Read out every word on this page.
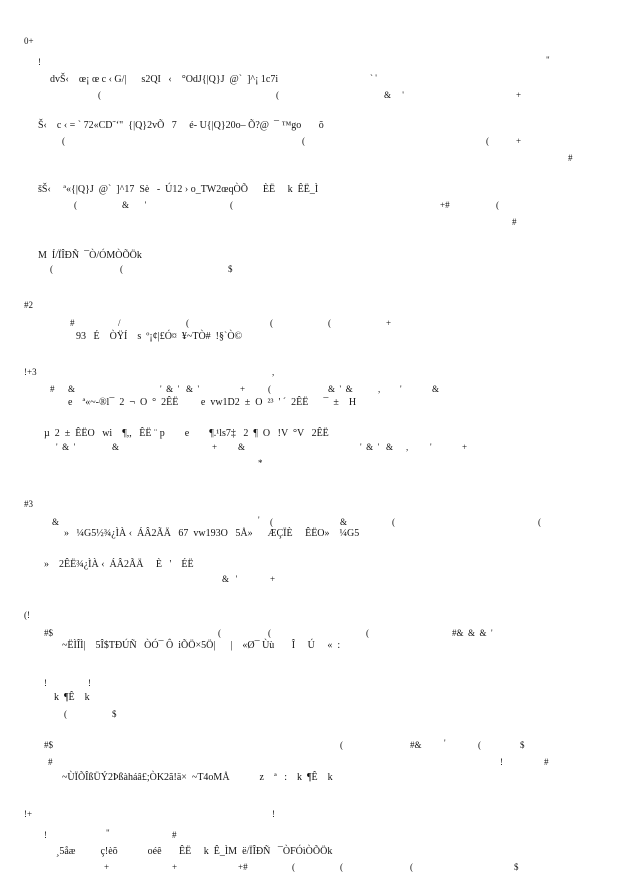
0+
!	"
dvŠ‹    œ¡ œ c ‹ G/|      s2QI   ‹    °OdJ{|Q}J  @`  ]^¡ 1c7i	` '
(	(	&     '	+
Š‹    c ‹ = ` 72«CD˜‘"  {|Q}2vÕ   7     é- U{|Q}20o– Õ?@  ¯ ™go       õ
(	(	(            +
#
šŠ‹     ª«{|Q}J  @`  ]^17  Sè   -  Ú12 › o_TW2œqÒÕ      ÈË     k  ÊË_Ì
(                    &       '	(	+#	(
#
M  Í/ÏÎÐÑ  ¯Ò/ÓMÒÕÖk
(	(	$
#2
#	/	(	(	(	+
93   É    ÒŸÍ    s  º¡¢|£Ó¤  ¥~TÒ#  !§`Ò©
!+3	,
#      &	'  &  '   &  '	+	(	&  '  &	, '	&
e    ª«~-®l¯  2  ¬  O  °  2ÊË         e  vw1D2  ±  O  ²³  ' ´  2ÊË      ¯  ±    H
µ  2  ±  ÊËO   wi    ¶,,   ÊË ¨ p        e        ¶.¹ls7‡   2  ¶  O   !V  °V   2ÊË
'  &  '	&	+ &	'  &  '   & , '	+
*
#3
&	' (	&	(	(
»   ¼G5½¾¿ÌÀ ‹  ÁÂ2ÃÄ   67  vw193O   5Å»      ÆÇÏÈ     ÊËO»    ¼G5
»    2ÊË¾¿ÌÀ ‹  ÁÂ2ÃÄ     È   '    ÉË
&   '	+
(!
#$	(	(	(	#&  &  &  '
~ËÌÎÌ|    5Î$TÐÚÑ   ÒÓ¯ Ô  iÕÖ×5Ö|      |    «Ø¯ Ùù       Î     Ú     «  :
!	!
k  ¶Ê    k
(	$
#$	(	#& '	(	$
#	!	#
~ÙÏÕÎßÜÝ2Þßàháâ£;ÒK2ã!ä×  ~T4oMÅ            z    ª   :    k  ¶Ê    k
!+	!
!	"	#
¸5åæ          ç!èõ            oéê       ÊË     k  Ê_ÌM  ë/ÏÎÐÑ   ¯ÒFÓìÒÕÖk
+	+	+#	(	(	(	$
